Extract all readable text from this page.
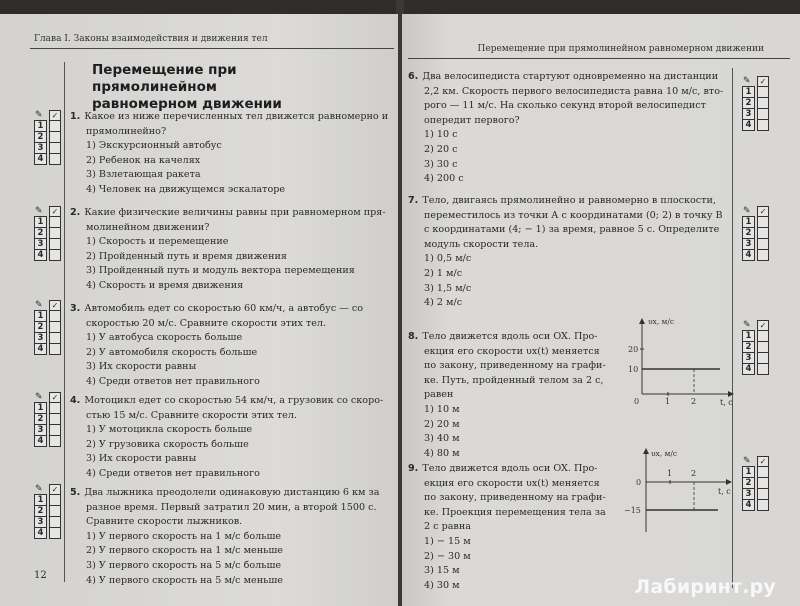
Глава I. Законы взаимодействия и движения тел
Перемещение при прямолинейном
равномерном движении
✎	✓
1
2
3
4
1. Какое из ниже перечисленных тел движется равномерно и
прямолинейно?
1) Экскурсионный автобус
2) Ребенок на качелях
3) Взлетающая ракета
4) Человек на движущемся эскалаторе
✎	✓
1
2
3
4
2. Какие физические величины равны при равномерном пря-
молинейном движении?
1) Скорость и перемещение
2) Пройденный путь и время движения
3) Пройденный путь и модуль вектора перемещения
4) Скорость и время движения
✎	✓
1
2
3
4
3. Автомобиль едет со скоростью 60 км/ч, а автобус — со
скоростью 20 м/с. Сравните скорости этих тел.
1) У автобуса скорость больше
2) У автомобиля скорость больше
3) Их скорости равны
4) Среди ответов нет правильного
✎	✓
1
2
3
4
4. Мотоцикл едет со скоростью 54 км/ч, а грузовик со скоро-
стью 15 м/с. Сравните скорости этих тел.
1) У мотоцикла скорость больше
2) У грузовика скорость больше
3) Их скорости равны
4) Среди ответов нет правильного
✎	✓
1
2
3
4
5. Два лыжника преодолели одинаковую дистанцию 6 км за
разное время. Первый затратил 20 мин, а второй 1500 с.
Сравните скорости лыжников.
1) У первого скорость на 1 м/с больше
2) У первого скорость на 1 м/с меньше
3) У первого скорость на 5 м/с больше
4) У первого скорость на 5 м/с меньше
12
Перемещение при прямолинейном равномерном движении
6. Два велосипедиста стартуют одновременно на дистанции
2,2 км. Скорость первого велосипедиста равна 10 м/с, вто-
рого — 11 м/с. На сколько секунд второй велосипедист
опередит первого?
1) 10 с
2) 20 с
3) 30 с
4) 200 с
✎	✓
1
2
3
4
7. Тело, двигаясь прямолинейно и равномерно в плоскости,
переместилось из точки А с координатами (0; 2) в точку В
с координатами (4; − 1) за время, равное 5 с. Определите
модуль скорости тела.
1) 0,5 м/с
2) 1 м/с
3) 1,5 м/с
4) 2 м/с
✎	✓
1
2
3
4
8. Тело движется вдоль оси OX. Про-
екция его скорости υx(t) меняется
по закону, приведенному на графи-
ке. Путь, пройденный телом за 2 с,
равен
1) 10 м
2) 20 м
3) 40 м
4) 80 м
υx, м/с
t, c
20
10
0	1	2
✎	✓
1
2
3
4
9. Тело движется вдоль оси OX. Про-
екция его скорости υx(t) меняется
по закону, приведенному на графи-
ке. Проекция перемещения тела за
2 с равна
1) − 15 м
2) − 30 м
3) 15 м
4) 30 м
υx, м/с
t, c
0
−15
1 2
✎	✓
1
2
3
4
Лабиринт.ру
